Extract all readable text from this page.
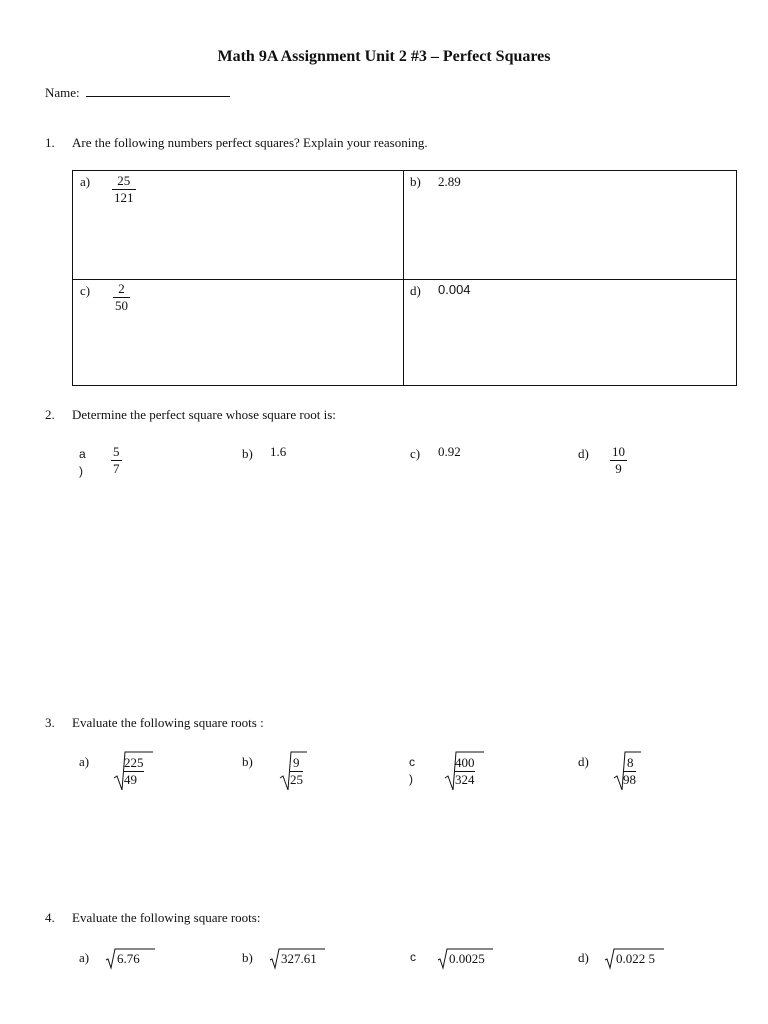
Math 9A Assignment Unit 2 #3 – Perfect Squares
Name:
1. Are the following numbers perfect squares? Explain your reasoning.
$a) \frac{25}{121}$	b) 2.89
$c) \frac{2}{50}$	d) 0.004
2. Determine the perfect square whose square root is:
a
) $\frac{5}{7}$	b) 1.6	c) 0.92	$d) \frac{10}{9}$
3. Evaluate the following square roots :
a)	$\frac{225}{49}$	b)	$\frac{9}{25}$	c
)	$\frac{400}{324}$	d)	$\frac{8}{98}$
4. Evaluate the following square roots:
a) 6.76	b) 327.61	c	0.0025	d) 0.022 5
